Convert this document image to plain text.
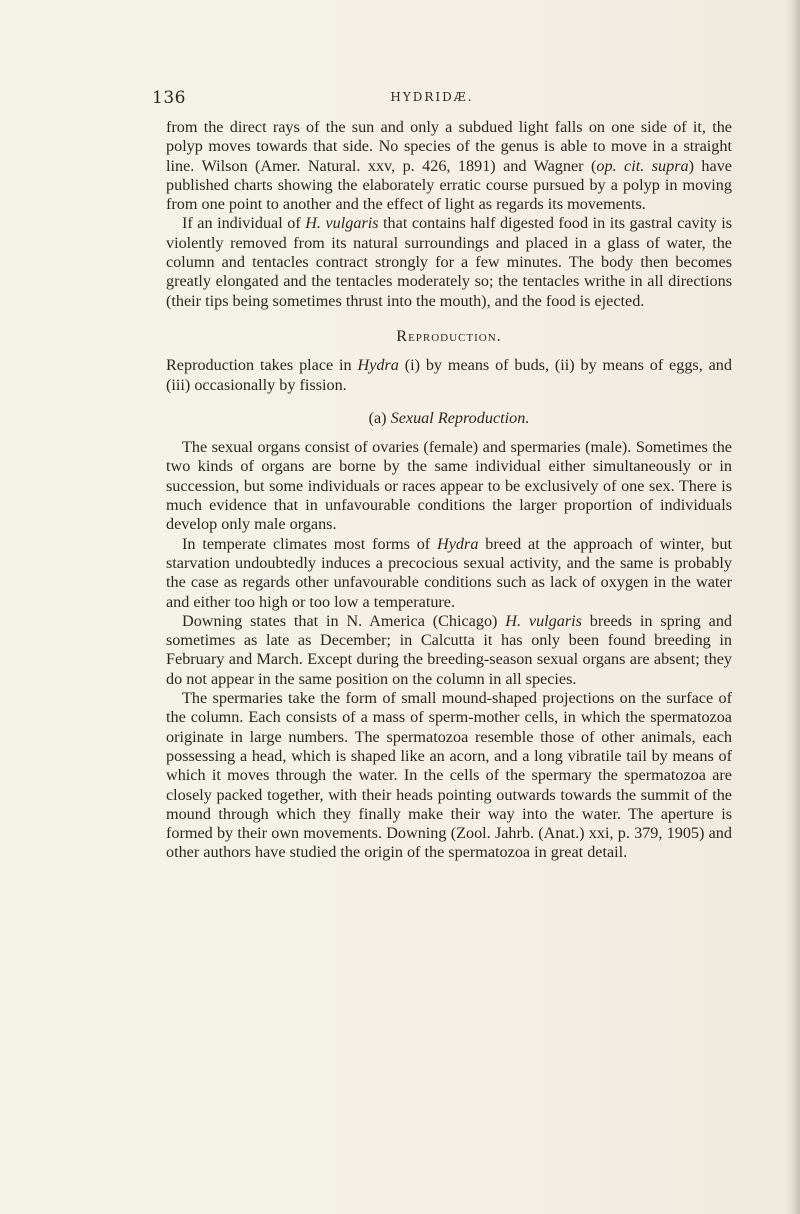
136	HYDRIDÆ.

from the direct rays of the sun and only a subdued light falls on one side of it, the polyp moves towards that side. No species of the genus is able to move in a straight line. Wilson (Amer. Natural. xxv, p. 426, 1891) and Wagner (op. cit. supra) have published charts showing the elaborately erratic course pursued by a polyp in moving from one point to another and the effect of light as regards its movements.

If an individual of H. vulgaris that contains half digested food in its gastral cavity is violently removed from its natural surroundings and placed in a glass of water, the column and tentacles contract strongly for a few minutes. The body then becomes greatly elongated and the tentacles moderately so; the tentacles writhe in all directions (their tips being sometimes thrust into the mouth), and the food is ejected.

Reproduction.

Reproduction takes place in Hydra (i) by means of buds, (ii) by means of eggs, and (iii) occasionally by fission.

(a) Sexual Reproduction.

The sexual organs consist of ovaries (female) and spermaries (male). Sometimes the two kinds of organs are borne by the same individual either simultaneously or in succession, but some individuals or races appear to be exclusively of one sex. There is much evidence that in unfavourable conditions the larger proportion of individuals develop only male organs.

In temperate climates most forms of Hydra breed at the approach of winter, but starvation undoubtedly induces a precocious sexual activity, and the same is probably the case as regards other unfavourable conditions such as lack of oxygen in the water and either too high or too low a temperature.

Downing states that in N. America (Chicago) H. vulgaris breeds in spring and sometimes as late as December; in Calcutta it has only been found breeding in February and March. Except during the breeding-season sexual organs are absent; they do not appear in the same position on the column in all species.

The spermaries take the form of small mound-shaped projections on the surface of the column. Each consists of a mass of sperm-mother cells, in which the spermatozoa originate in large numbers. The spermatozoa resemble those of other animals, each possessing a head, which is shaped like an acorn, and a long vibratile tail by means of which it moves through the water. In the cells of the spermary the spermatozoa are closely packed together, with their heads pointing outwards towards the summit of the mound through which they finally make their way into the water. The aperture is formed by their own movements. Downing (Zool. Jahrb. (Anat.) xxi, p. 379, 1905) and other authors have studied the origin of the spermatozoa in great detail.
